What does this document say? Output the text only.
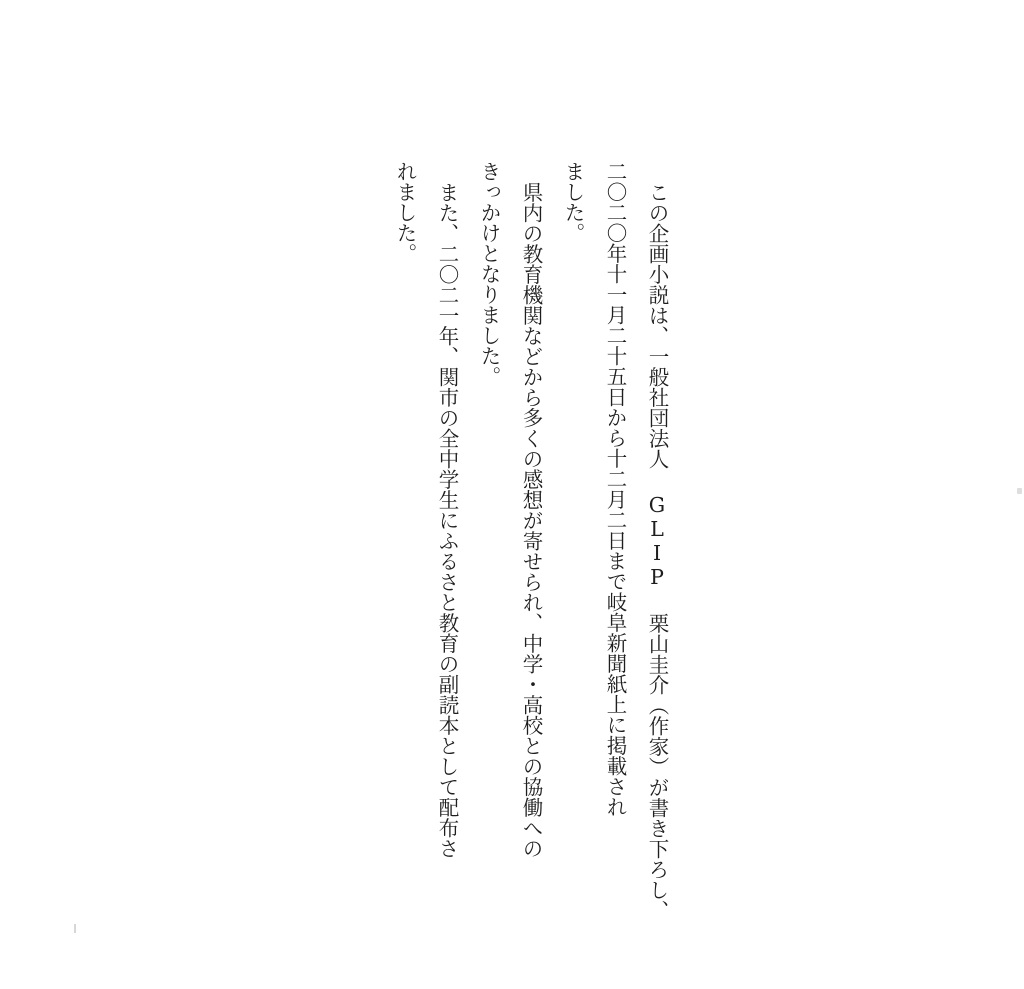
この企画小説は、一般社団法人 GLIP 栗山圭介（作家）が書き下ろし、

二〇二〇年十一月二十五日から十二月二日まで岐阜新聞紙上に掲載され

ました。

県内の教育機関などから多くの感想が寄せられ、中学・高校との協働への

きっかけとなりました。

また、二〇二一年、関市の全中学生にふるさと教育の副読本として配布さ

れました。
